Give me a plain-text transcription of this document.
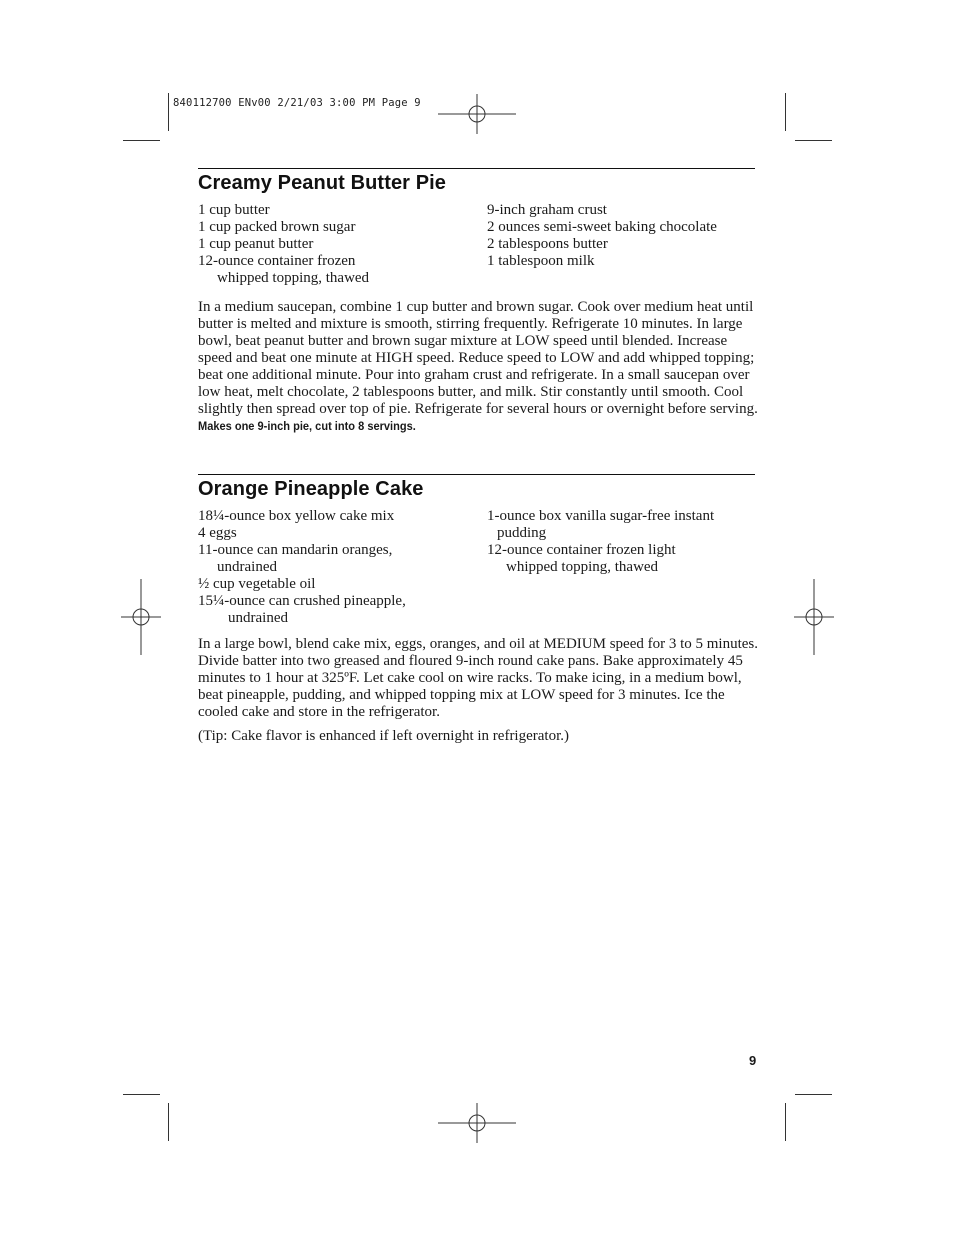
840112700 ENv00 2/21/03 3:00 PM Page 9
Creamy Peanut Butter Pie
1 cup butter
1 cup packed brown sugar
1 cup peanut butter
12-ounce container frozen
whipped topping, thawed
9-inch graham crust
2 ounces semi-sweet baking chocolate
2 tablespoons butter
1 tablespoon milk

In a medium saucepan, combine 1 cup butter and brown sugar. Cook over medium heat until butter is melted and mixture is smooth, stirring frequently. Refrigerate 10 minutes. In large bowl, beat peanut butter and brown sugar mixture at LOW speed until blended. Increase speed and beat one minute at HIGH speed. Reduce speed to LOW and add whipped topping; beat one additional minute. Pour into graham crust and refrigerate. In a small saucepan over low heat, melt chocolate, 2 tablespoons butter, and milk. Stir constantly until smooth. Cool slightly then spread over top of pie. Refrigerate for several hours or overnight before serving.
Makes one 9-inch pie, cut into 8 servings.

Orange Pineapple Cake
18¼-ounce box yellow cake mix
4 eggs
11-ounce can mandarin oranges,
undrained
½ cup vegetable oil
15¼-ounce can crushed pineapple,
undrained
1-ounce box vanilla sugar-free instant
pudding
12-ounce container frozen light
whipped topping, thawed

In a large bowl, blend cake mix, eggs, oranges, and oil at MEDIUM speed for 3 to 5 minutes. Divide batter into two greased and floured 9-inch round cake pans. Bake approximately 45 minutes to 1 hour at 325ºF. Let cake cool on wire racks. To make icing, in a medium bowl, beat pineapple, pudding, and whipped topping mix at LOW speed for 3 minutes. Ice the cooled cake and store in the refrigerator.

(Tip: Cake flavor is enhanced if left overnight in refrigerator.)

9
